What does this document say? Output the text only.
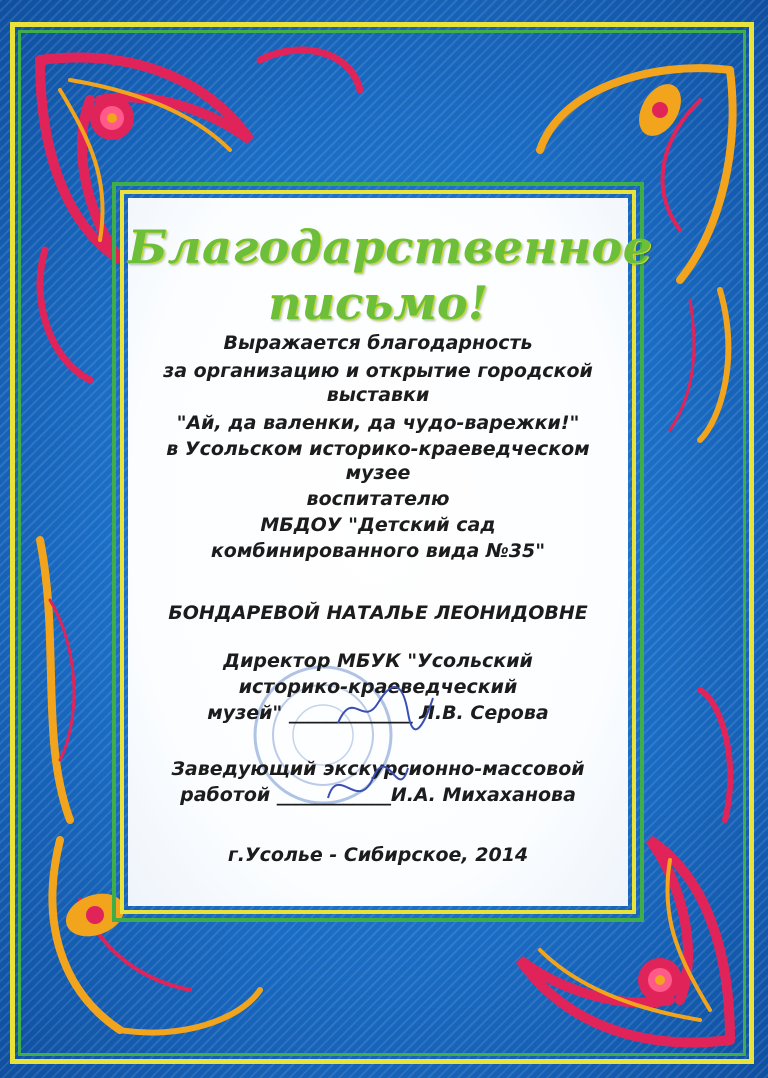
Благодарственное
письмо!
Выражается благодарность
за организацию и открытие городской
выставки
"Ай, да валенки, да чудо-варежки!"
в Усольском историко-краеведческом
музее
воспитателю
МБДОУ "Детский сад
комбинированного вида №35"
БОНДАРЕВОЙ НАТАЛЬЕ ЛЕОНИДОВНЕ
Директор МБУК "Усольский
историко-краеведческий
музей" _____________ Л.В. Серова
Заведующий экскурсионно-массовой
работой ____________И.А. Михаханова
г.Усолье - Сибирское, 2014
